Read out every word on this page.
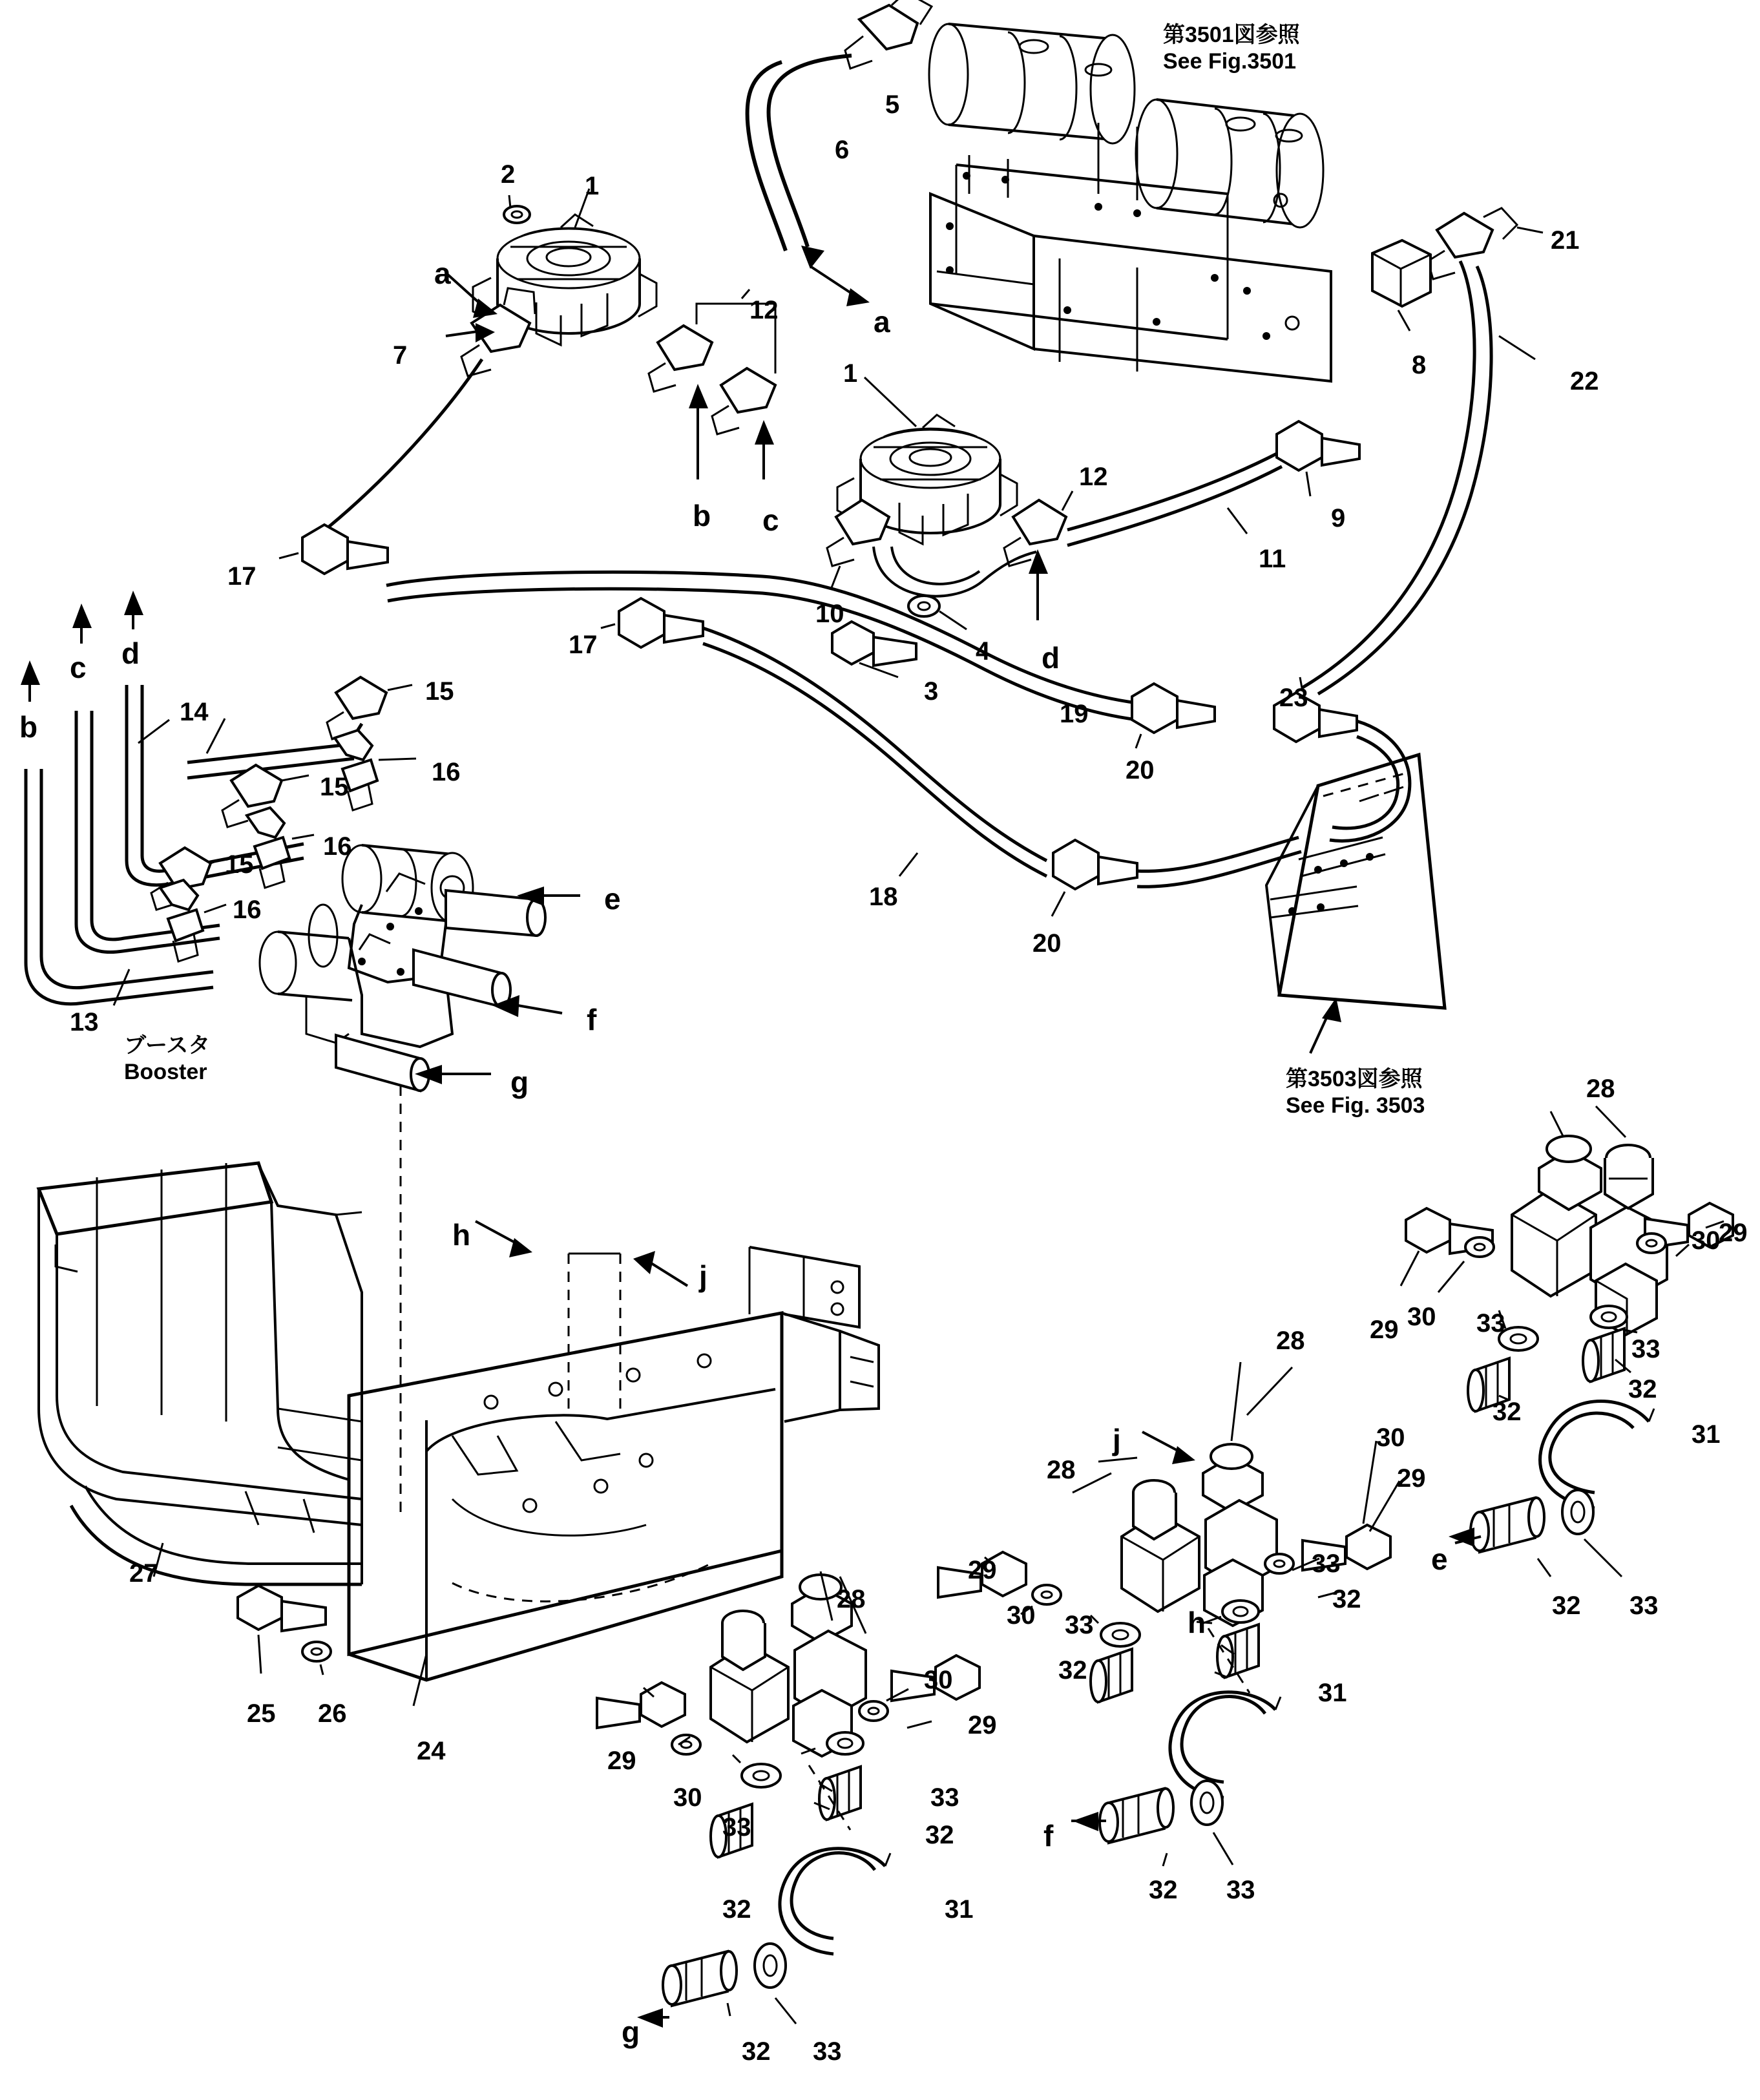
第3501図参照
See Fig.3501
第3503図参照
See Fig. 3503
ブースタ
Booster
1
2
5
6
7
12
1
21
8
22
12
9
11
17
10
4
3
17
19
23
20
15
14
16
15
15
16
16
13
18
20
27
25 26
24
28
30
29
29 30 33
33
32
32
31
32 33
28
30
29
28
29
30
33
32
33
32
31
32 33
28
30
29
29
30
33
33
32
32	31
32 33
a
a
b c
d
b
c d
e
f
g
h
j
j
h
e
f
g
